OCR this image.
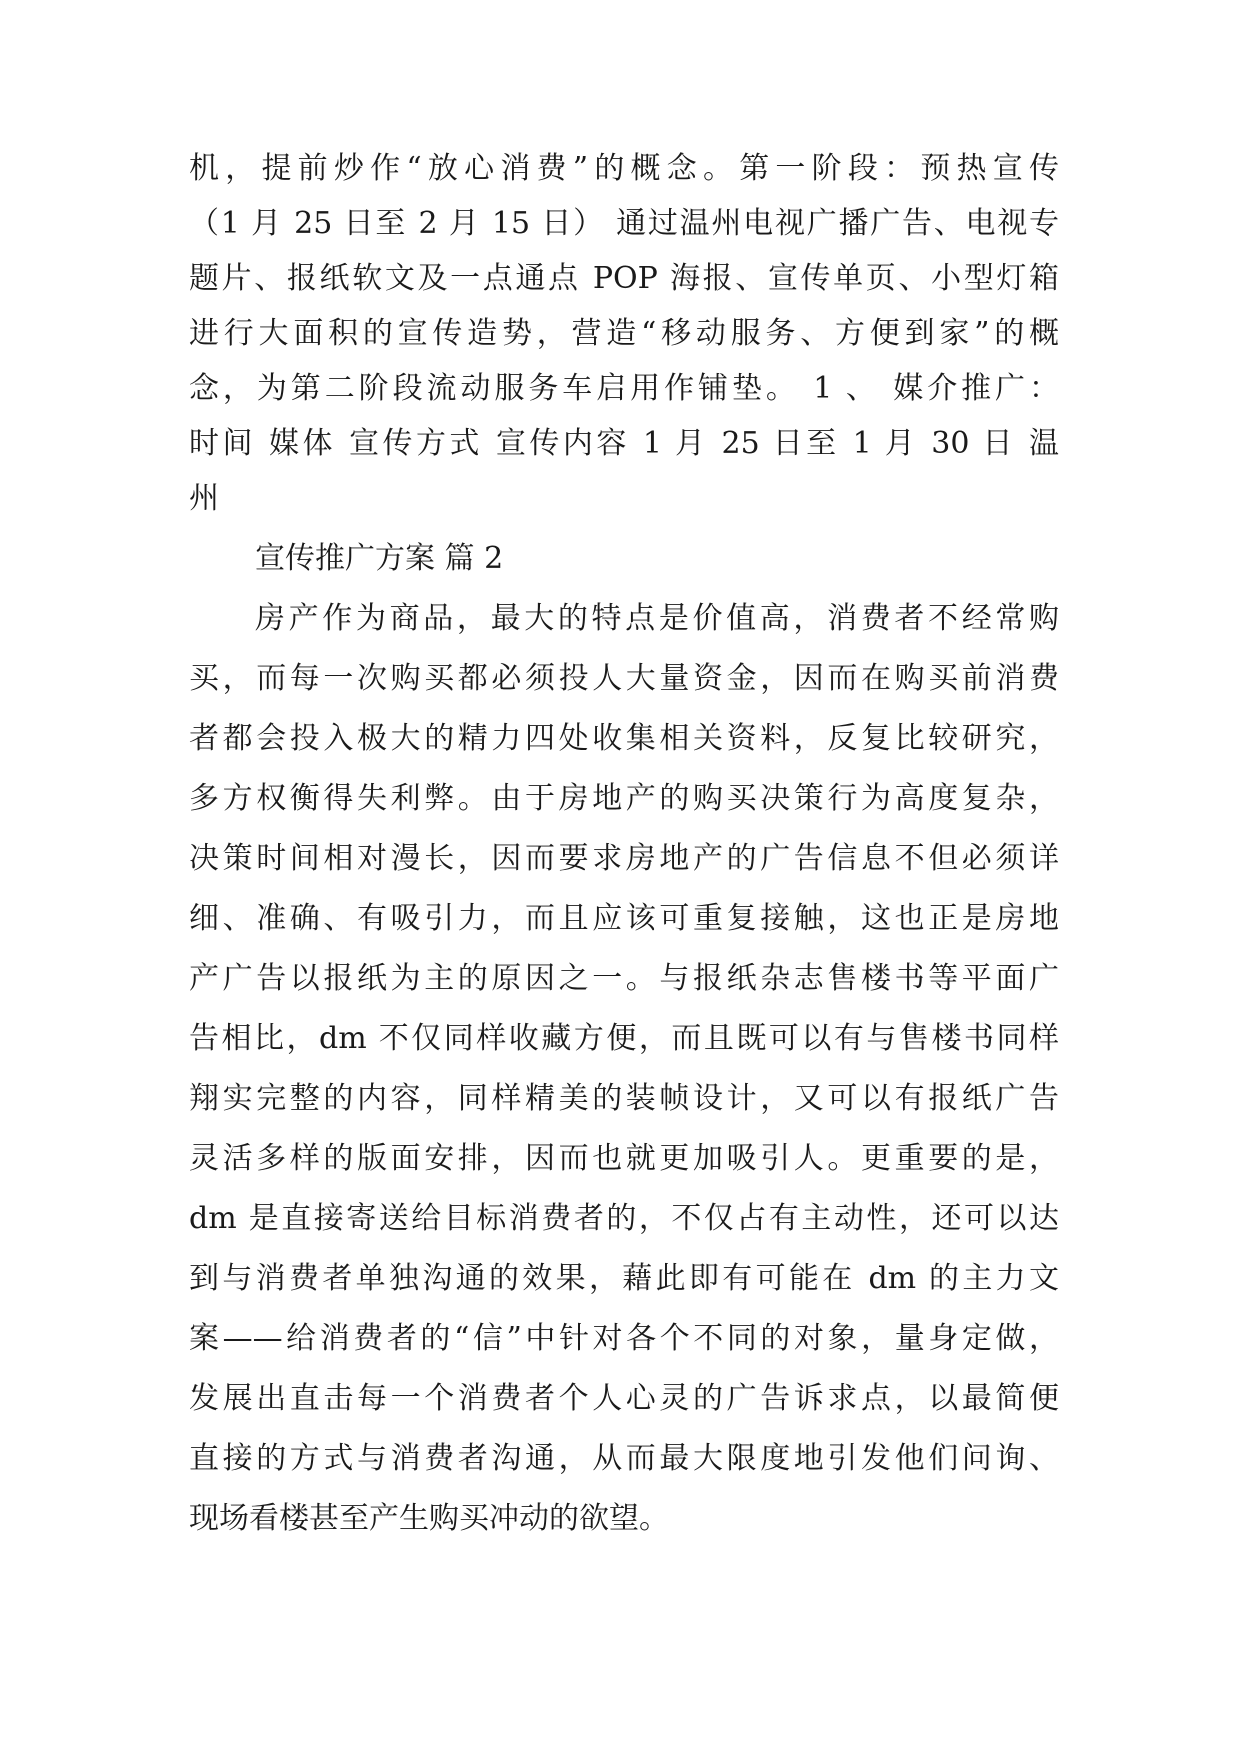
机，提前炒作“放心消费”的概念。第一阶段：预热宣传
（1 月 25 日至 2 月 15 日） 通过温州电视广播广告、电视专
题片、报纸软文及一点通点 POP 海报、宣传单页、小型灯箱
进行大面积的宣传造势，营造“移动服务、方便到家”的概
念，为第二阶段流动服务车启用作铺垫。 1 、 媒介推广：
时间 媒体 宣传方式 宣传内容 1 月 25 日至 1 月 30 日 温
州
宣传推广方案 篇 2
房产作为商品，最大的特点是价值高，消费者不经常购
买，而每一次购买都必须投人大量资金，因而在购买前消费
者都会投入极大的精力四处收集相关资料，反复比较研究，
多方权衡得失利弊。由于房地产的购买决策行为高度复杂，
决策时间相对漫长，因而要求房地产的广告信息不但必须详
细、准确、有吸引力，而且应该可重复接触，这也正是房地
产广告以报纸为主的原因之一。与报纸杂志售楼书等平面广
告相比，dm 不仅同样收藏方便，而且既可以有与售楼书同样
翔实完整的内容，同样精美的装帧设计，又可以有报纸广告
灵活多样的版面安排，因而也就更加吸引人。更重要的是，
dm 是直接寄送给目标消费者的，不仅占有主动性，还可以达
到与消费者单独沟通的效果，藉此即有可能在 dm 的主力文
案——给消费者的“信”中针对各个不同的对象，量身定做，
发展出直击每一个消费者个人心灵的广告诉求点，以最简便
直接的方式与消费者沟通，从而最大限度地引发他们问询、
现场看楼甚至产生购买冲动的欲望。
